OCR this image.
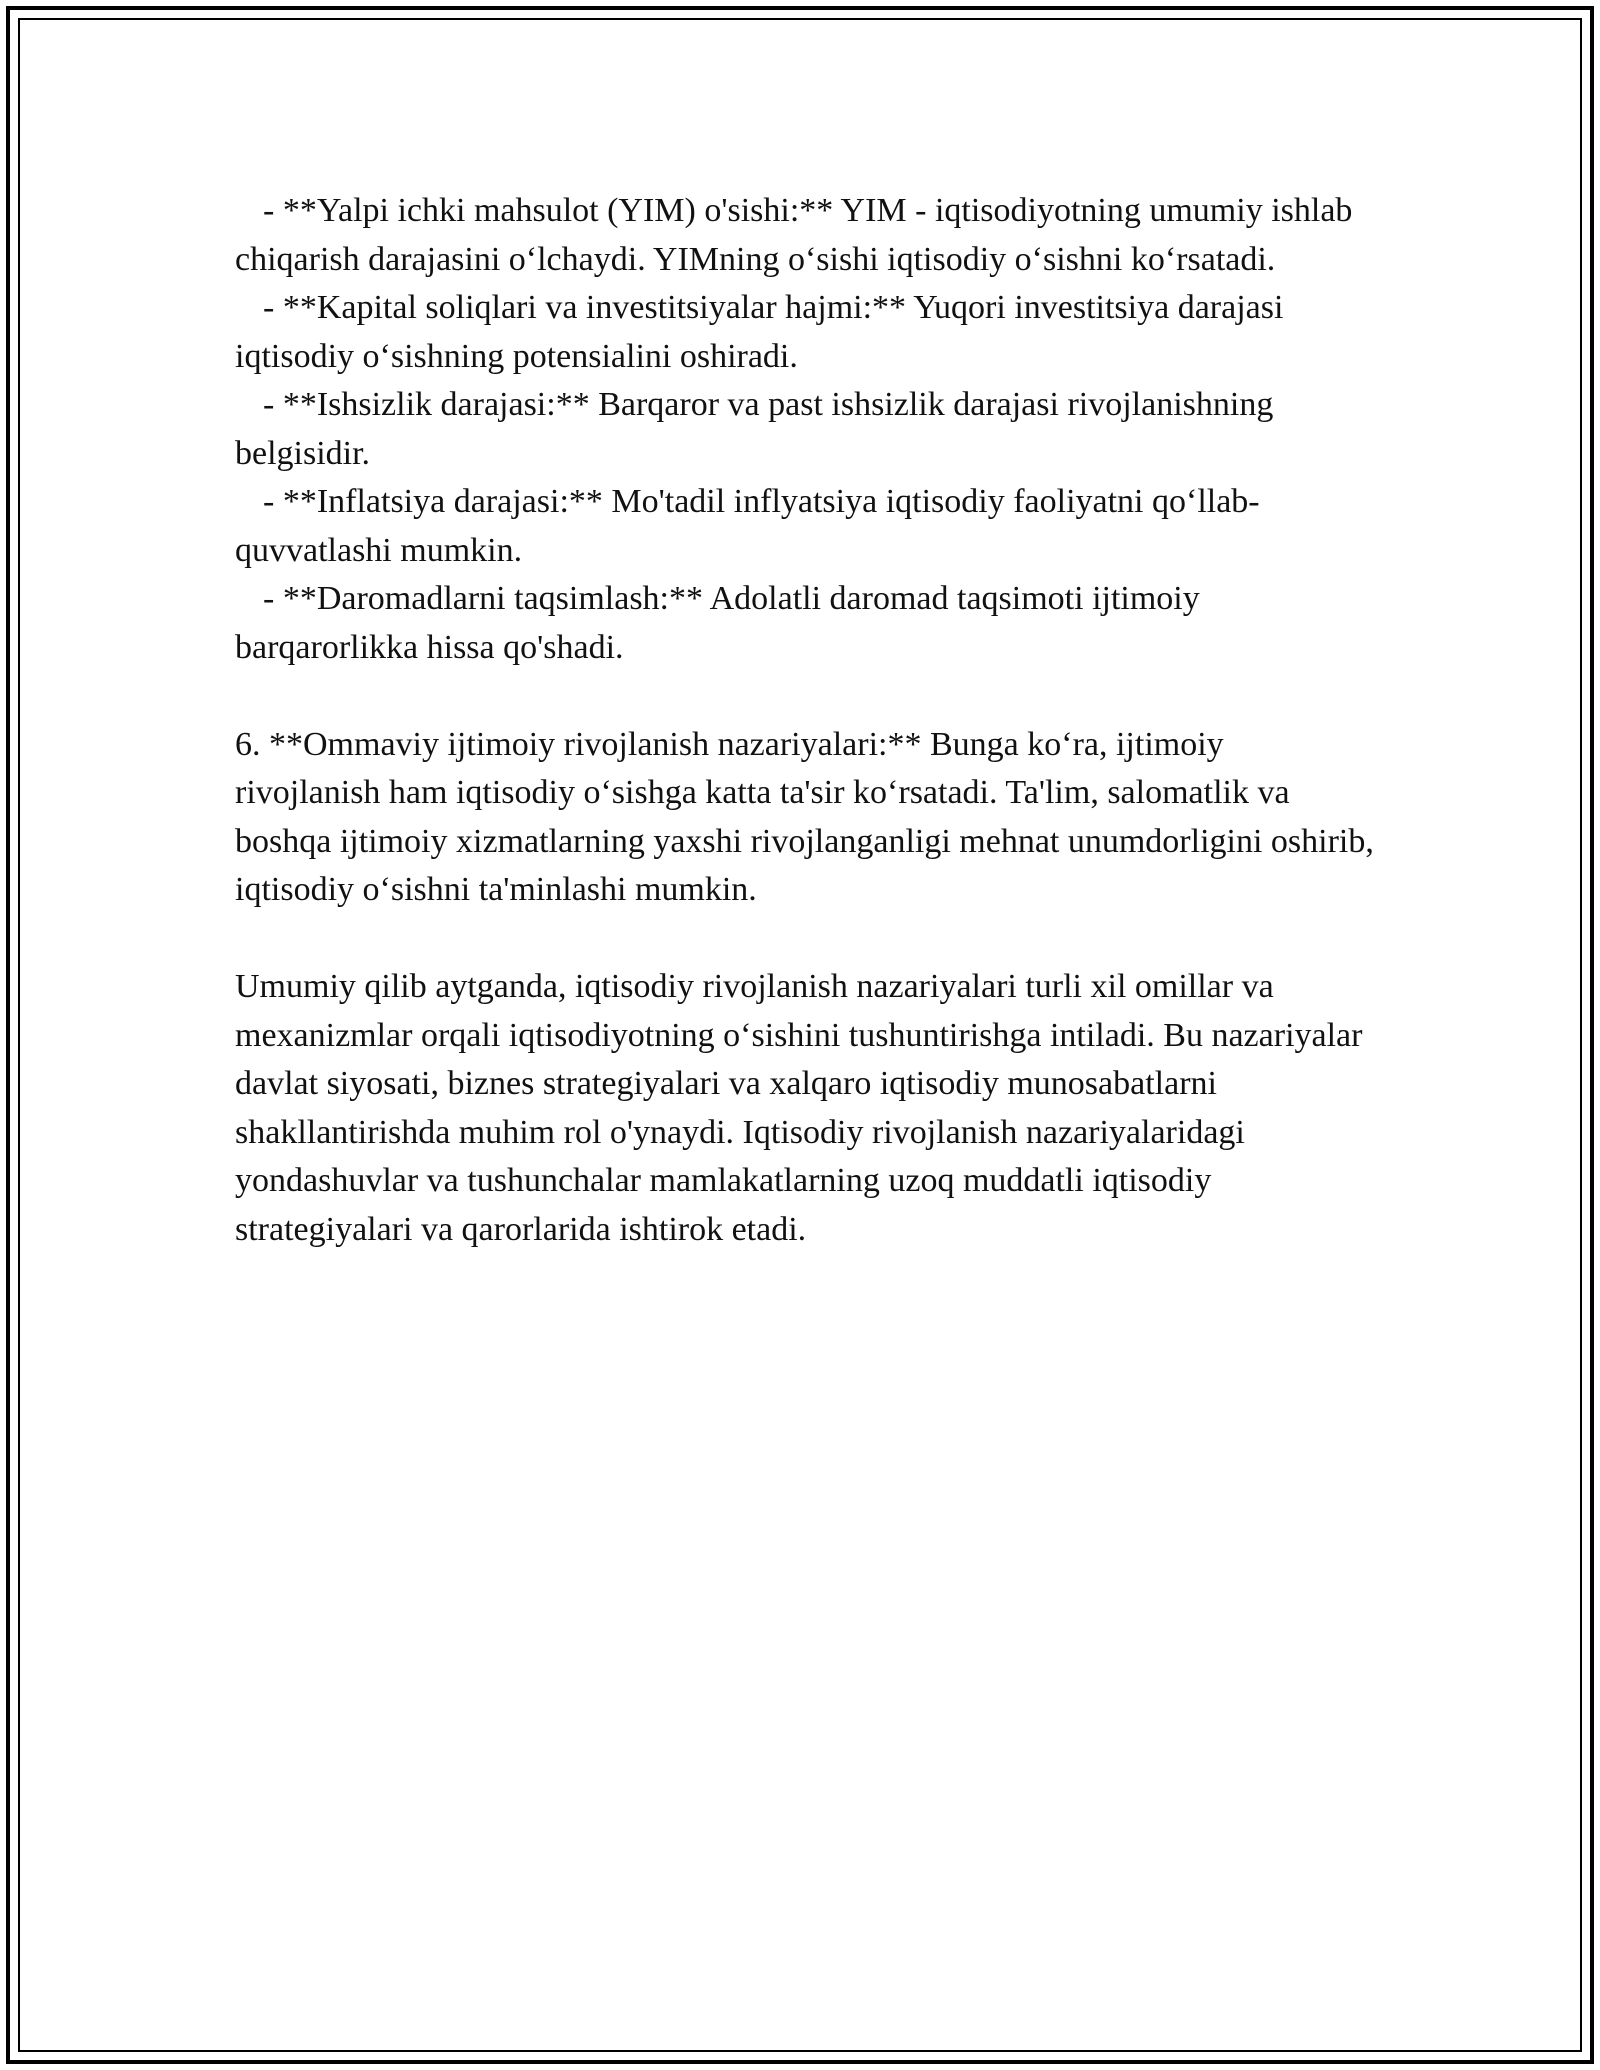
- **Yalpi ichki mahsulot (YIM) o'sishi:** YIM - iqtisodiyotning umumiy ishlab chiqarish darajasini oʻlchaydi. YIMning oʻsishi iqtisodiy oʻsishni koʻrsatadi.

- **Kapital soliqlari va investitsiyalar hajmi:** Yuqori investitsiya darajasi iqtisodiy oʻsishning potensialini oshiradi.

- **Ishsizlik darajasi:** Barqaror va past ishsizlik darajasi rivojlanishning belgisidir.

- **Inflatsiya darajasi:** Mo'tadil inflyatsiya iqtisodiy faoliyatni qoʻllab-quvvatlashi mumkin.

- **Daromadlarni taqsimlash:** Adolatli daromad taqsimoti ijtimoiy barqarorlikka hissa qo'shadi.

6. **Ommaviy ijtimoiy rivojlanish nazariyalari:** Bunga koʻra, ijtimoiy rivojlanish ham iqtisodiy oʻsishga katta ta'sir koʻrsatadi. Ta'lim, salomatlik va boshqa ijtimoiy xizmatlarning yaxshi rivojlanganligi mehnat unumdorligini oshirib, iqtisodiy oʻsishni ta'minlashi mumkin.

Umumiy qilib aytganda, iqtisodiy rivojlanish nazariyalari turli xil omillar va mexanizmlar orqali iqtisodiyotning oʻsishini tushuntirishga intiladi. Bu nazariyalar davlat siyosati, biznes strategiyalari va xalqaro iqtisodiy munosabatlarni shakllantirishda muhim rol o'ynaydi. Iqtisodiy rivojlanish nazariyalaridagi yondashuvlar va tushunchalar mamlakatlarning uzoq muddatli iqtisodiy strategiyalari va qarorlarida ishtirok etadi.
